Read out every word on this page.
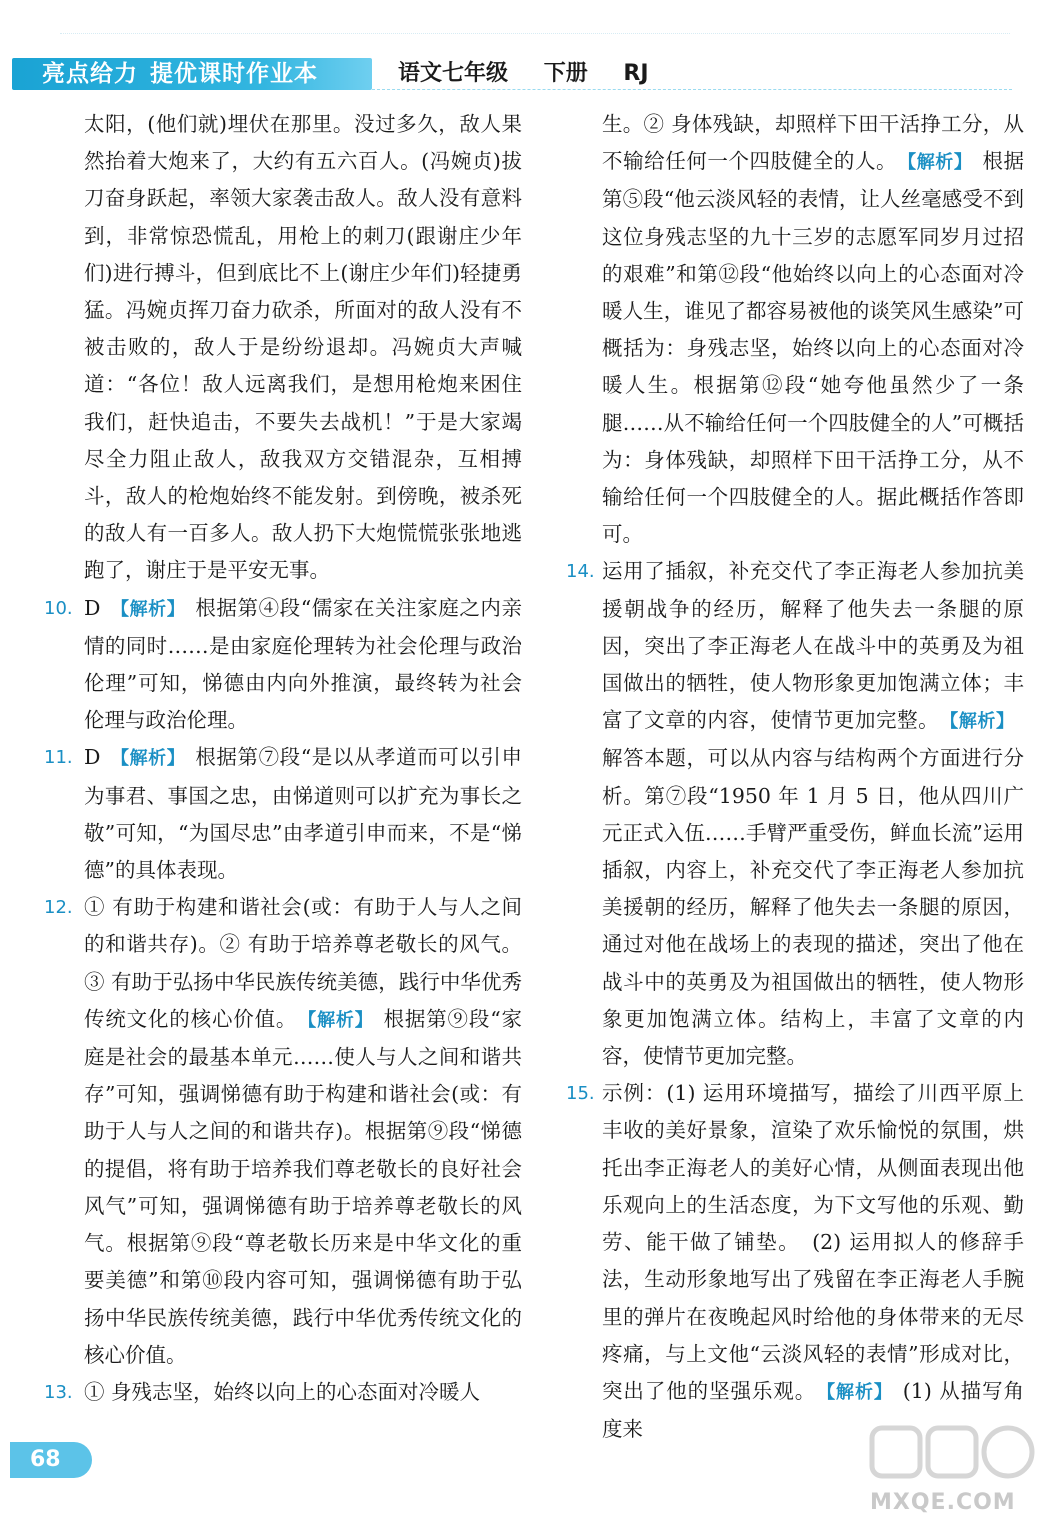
亮点给力 提优课时作业本	语文七年级 下册 RJ

太阳，(他们就)埋伏在那里。没过多久，敌人果然抬着大炮来了，大约有五六百人。(冯婉贞)拔刀奋身跃起，率领大家袭击敌人。敌人没有意料到，非常惊恐慌乱，用枪上的刺刀(跟谢庄少年们)进行搏斗，但到底比不上(谢庄少年们)轻捷勇猛。冯婉贞挥刀奋力砍杀，所面对的敌人没有不被击败的，敌人于是纷纷退却。冯婉贞大声喊道：“各位！敌人远离我们，是想用枪炮来困住我们，赶快追击，不要失去战机！”于是大家竭尽全力阻止敌人，敌我双方交错混杂，互相搏斗，敌人的枪炮始终不能发射。到傍晚，被杀死的敌人有一百多人。敌人扔下大炮慌慌张张地逃跑了，谢庄于是平安无事。

10. D 【解析】 根据第④段“儒家在关注家庭之内亲情的同时……是由家庭伦理转为社会伦理与政治伦理”可知，悌德由内向外推演，最终转为社会伦理与政治伦理。
11. D 【解析】 根据第⑦段“是以从孝道而可以引申为事君、事国之忠，由悌道则可以扩充为事长之敬”可知，“为国尽忠”由孝道引申而来，不是“悌德”的具体表现。
12. ① 有助于构建和谐社会(或：有助于人与人之间的和谐共存)。② 有助于培养尊老敬长的风气。③ 有助于弘扬中华民族传统美德，践行中华优秀传统文化的核心价值。 【解析】 根据第⑨段“家庭是社会的最基本单元……使人与人之间和谐共存”可知，强调悌德有助于构建和谐社会(或：有助于人与人之间的和谐共存)。根据第⑨段“悌德的提倡，将有助于培养我们尊老敬长的良好社会风气”可知，强调悌德有助于培养尊老敬长的风气。根据第⑨段“尊老敬长历来是中华文化的重要美德”和第⑩段内容可知，强调悌德有助于弘扬中华民族传统美德，践行中华优秀传统文化的核心价值。
13. ① 身残志坚，始终以向上的心态面对冷暖人

生。② 身体残缺，却照样下田干活挣工分，从不输给任何一个四肢健全的人。 【解析】 根据第⑤段“他云淡风轻的表情，让人丝毫感受不到这位身残志坚的九十三岁的志愿军同岁月过招的艰难”和第⑫段“他始终以向上的心态面对冷暖人生，谁见了都容易被他的谈笑风生感染”可概括为：身残志坚，始终以向上的心态面对冷暖人生。根据第⑫段“她夸他虽然少了一条腿……从不输给任何一个四肢健全的人”可概括为：身体残缺，却照样下田干活挣工分，从不输给任何一个四肢健全的人。据此概括作答即可。

14. 运用了插叙，补充交代了李正海老人参加抗美援朝战争的经历，解释了他失去一条腿的原因，突出了李正海老人在战斗中的英勇及为祖国做出的牺牲，使人物形象更加饱满立体；丰富了文章的内容，使情节更加完整。 【解析】解答本题，可以从内容与结构两个方面进行分析。第⑦段“1950 年 1 月 5 日，他从四川广元正式入伍……手臂严重受伤，鲜血长流”运用插叙，内容上，补充交代了李正海老人参加抗美援朝的经历，解释了他失去一条腿的原因，通过对他在战场上的表现的描述，突出了他在战斗中的英勇及为祖国做出的牺牲，使人物形象更加饱满立体。结构上，丰富了文章的内容，使情节更加完整。
15. 示例：(1) 运用环境描写，描绘了川西平原上丰收的美好景象，渲染了欢乐愉悦的氛围，烘托出李正海老人的美好心情，从侧面表现出他乐观向上的生活态度，为下文写他的乐观、勤劳、能干做了铺垫。　(2) 运用拟人的修辞手法，生动形象地写出了残留在李正海老人手腕里的弹片在夜晚起风时给他的身体带来的无尽疼痛，与上文他“云淡风轻的表情”形成对比，突出了他的坚强乐观。 【解析】 (1) 从描写角度来
68
MXQE.COM
